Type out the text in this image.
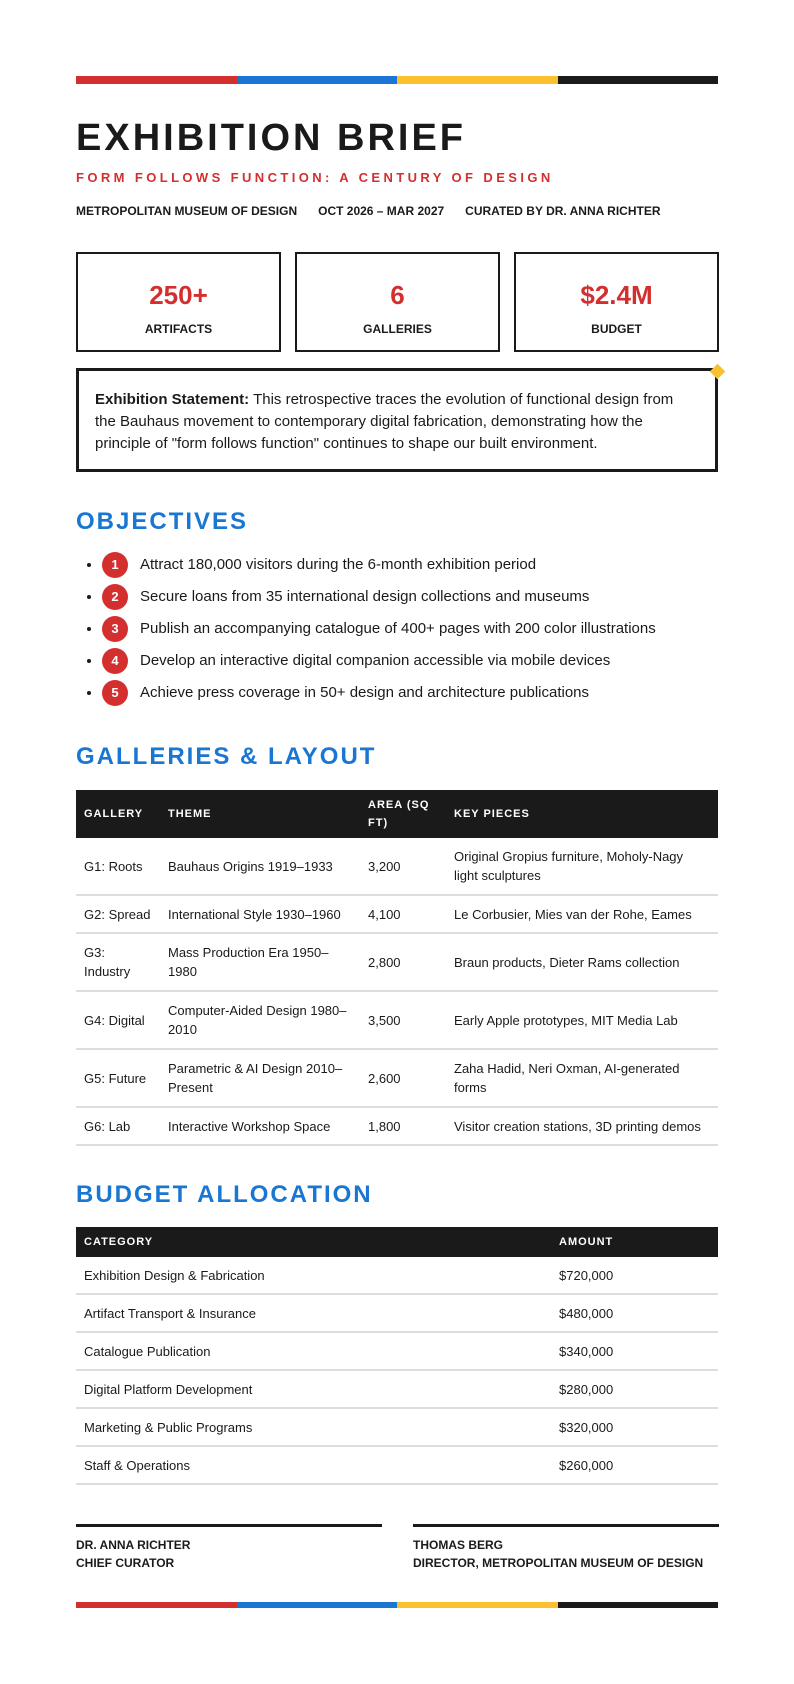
EXHIBITION BRIEF
FORM FOLLOWS FUNCTION: A CENTURY OF DESIGN
METROPOLITAN MUSEUM OF DESIGN OCT 2026 – MAR 2027 CURATED BY DR. ANNA RICHTER
250+
ARTIFACTS
6
GALLERIES
$2.4M
BUDGET
Exhibition Statement: This retrospective traces the evolution of functional design from the Bauhaus movement to contemporary digital fabrication, demonstrating how the principle of "form follows function" continues to shape our built environment.
OBJECTIVES
• 1	Attract 180,000 visitors during the 6-month exhibition period
• 2	Secure loans from 35 international design collections and museums
• 3	Publish an accompanying catalogue of 400+ pages with 200 color illustrations
• 4	Develop an interactive digital companion accessible via mobile devices
• 5	Achieve press coverage in 50+ design and architecture publications
GALLERIES & LAYOUT
GALLERY	THEME	AREA (SQ FT)	KEY PIECES
G1: Roots	Bauhaus Origins 1919–1933	3,200	Original Gropius furniture, Moholy-Nagy light sculptures
G2: Spread	International Style 1930–1960	4,100	Le Corbusier, Mies van der Rohe, Eames
G3: Industry	Mass Production Era 1950–1980	2,800	Braun products, Dieter Rams collection
G4: Digital	Computer-Aided Design 1980–2010	3,500	Early Apple prototypes, MIT Media Lab
G5: Future	Parametric & AI Design 2010–Present	2,600	Zaha Hadid, Neri Oxman, AI-generated forms
G6: Lab	Interactive Workshop Space	1,800	Visitor creation stations, 3D printing demos
BUDGET ALLOCATION
CATEGORY	AMOUNT
Exhibition Design & Fabrication	$720,000
Artifact Transport & Insurance	$480,000
Catalogue Publication	$340,000
Digital Platform Development	$280,000
Marketing & Public Programs	$320,000
Staff & Operations	$260,000
DR. ANNA RICHTER
CHIEF CURATOR
THOMAS BERG
DIRECTOR, METROPOLITAN MUSEUM OF DESIGN
